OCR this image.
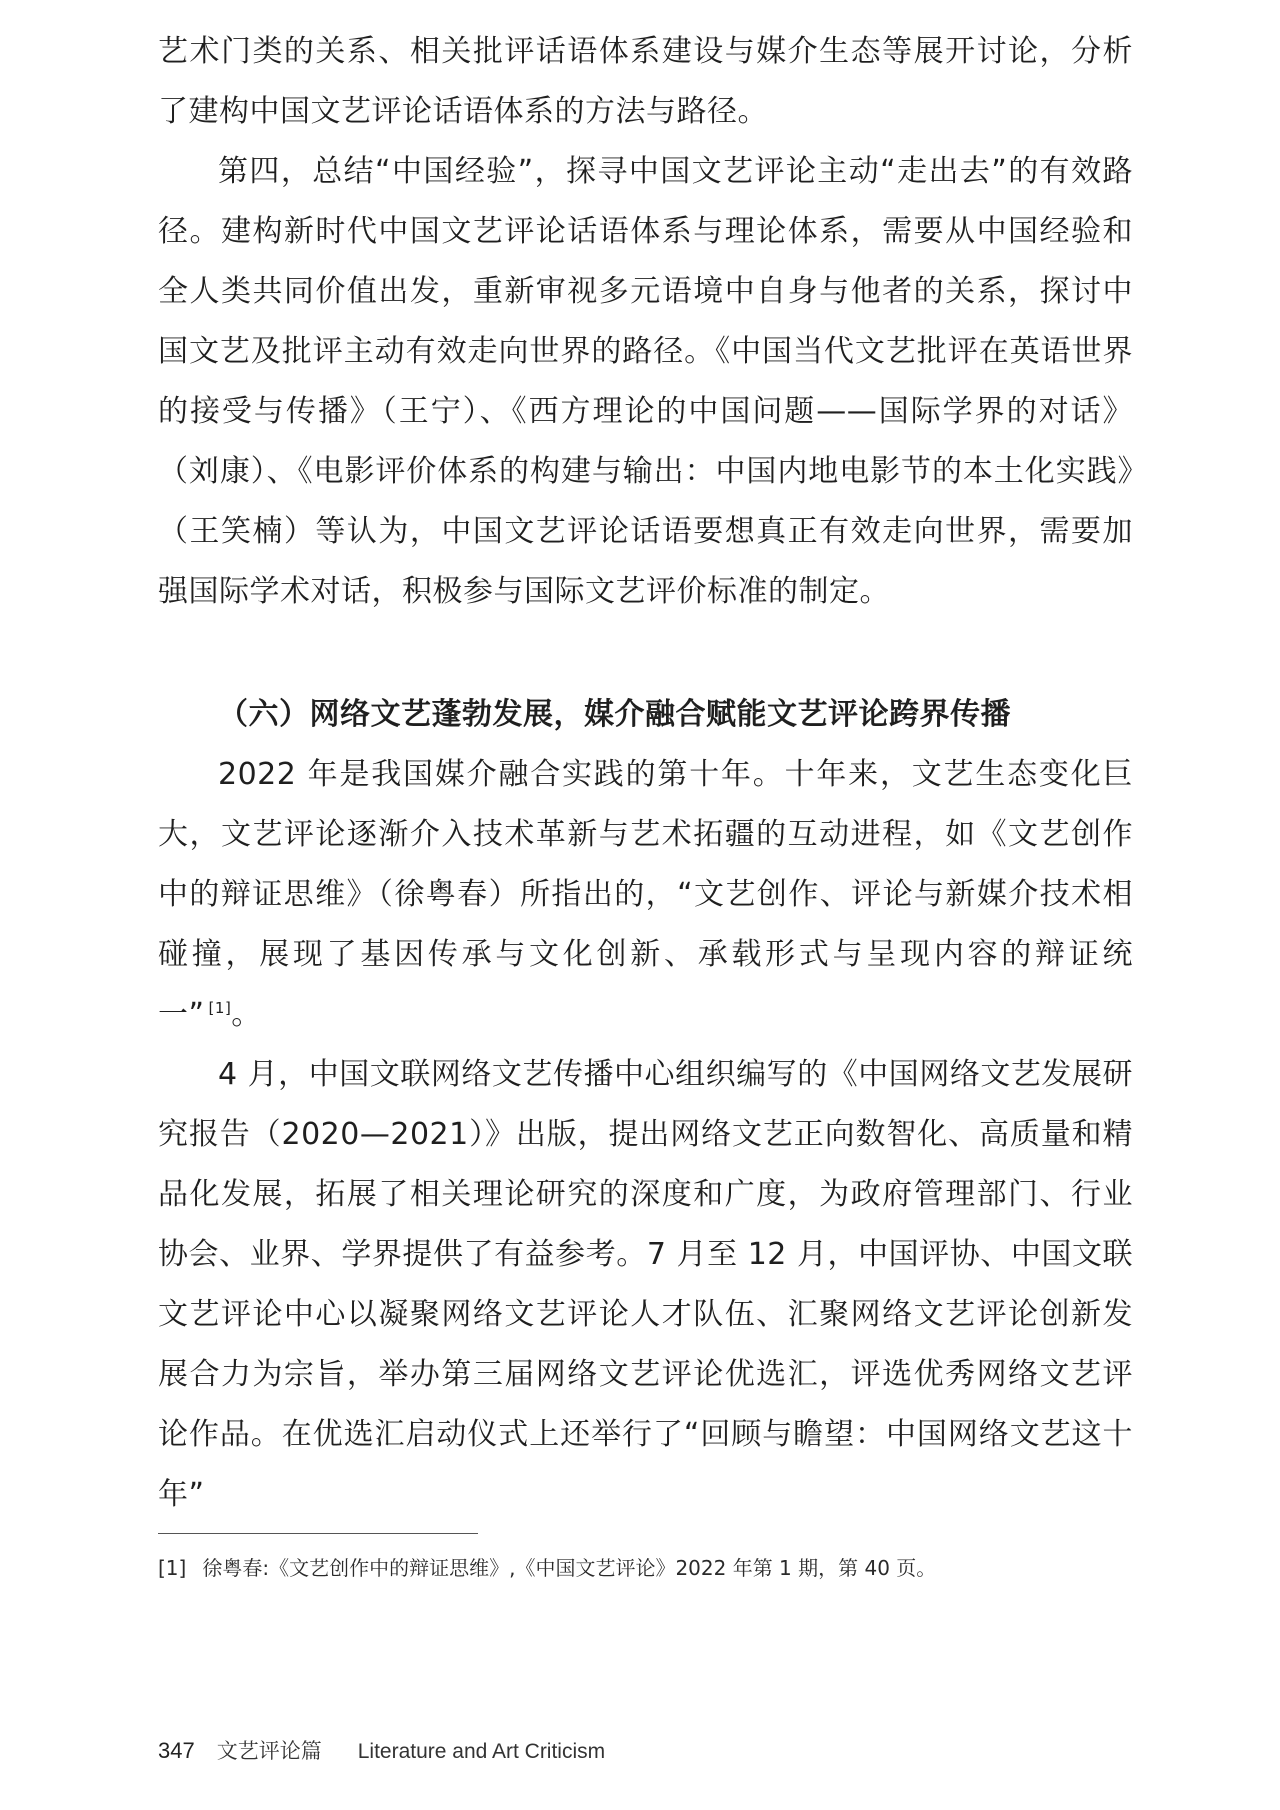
艺术门类的关系、相关批评话语体系建设与媒介生态等展开讨论，分析了建构中国文艺评论话语体系的方法与路径。

第四，总结“中国经验”，探寻中国文艺评论主动“走出去”的有效路径。建构新时代中国文艺评论话语体系与理论体系，需要从中国经验和全人类共同价值出发，重新审视多元语境中自身与他者的关系，探讨中国文艺及批评主动有效走向世界的路径。《中国当代文艺批评在英语世界的接受与传播》（王宁）、《西方理论的中国问题——国际学界的对话》（刘康）、《电影评价体系的构建与输出：中国内地电影节的本土化实践》（王笑楠）等认为，中国文艺评论话语要想真正有效走向世界，需要加强国际学术对话，积极参与国际文艺评价标准的制定。

（六）网络文艺蓬勃发展，媒介融合赋能文艺评论跨界传播

2022 年是我国媒介融合实践的第十年。十年来，文艺生态变化巨大，文艺评论逐渐介入技术革新与艺术拓疆的互动进程，如《文艺创作中的辩证思维》（徐粤春）所指出的，“文艺创作、评论与新媒介技术相碰撞，展现了基因传承与文化创新、承载形式与呈现内容的辩证统一” [1]。

4 月，中国文联网络文艺传播中心组织编写的《中国网络文艺发展研究报告（2020—2021）》出版，提出网络文艺正向数智化、高质量和精品化发展，拓展了相关理论研究的深度和广度，为政府管理部门、行业协会、业界、学界提供了有益参考。7 月至 12 月，中国评协、中国文联文艺评论中心以凝聚网络文艺评论人才队伍、汇聚网络文艺评论创新发展合力为宗旨，举办第三届网络文艺评论优选汇，评选优秀网络文艺评论作品。在优选汇启动仪式上还举行了“回顾与瞻望：中国网络文艺这十年”

[1] 徐粤春:《文艺创作中的辩证思维》,《中国文艺评论》2022 年第 1 期，第 40 页。
347 文艺评论篇 Literature and Art Criticism
